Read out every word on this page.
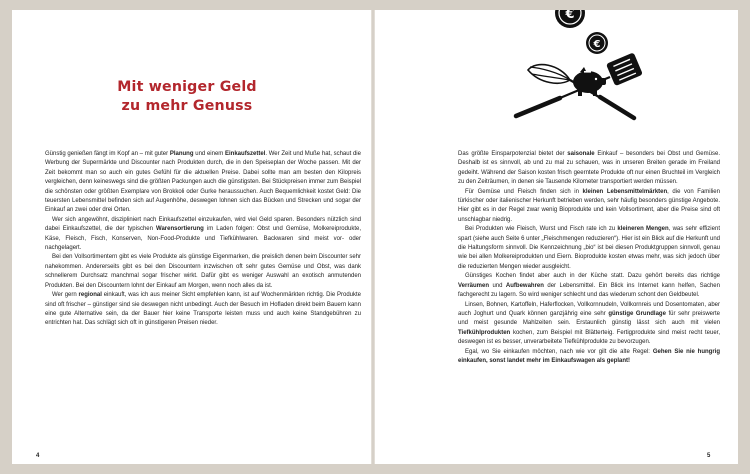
Mit weniger Geld
zu mehr Genuss

Günstig genießen fängt im Kopf an – mit guter Planung und einem Einkaufszettel. Wer Zeit und Muße hat, schaut die Werbung der Supermärkte und Discounter nach Produkten durch, die in den Speiseplan der Woche passen. Mit der Zeit bekommt man so auch ein gutes Gefühl für die aktuellen Preise. Dabei sollte man am besten den Kilopreis vergleichen, denn keineswegs sind die größten Packungen auch die günstigsten. Bei Stückpreisen immer zum Beispiel die schönsten oder größten Exemplare von Brokkoli oder Gurke heraussuchen. Auch Bequemlichkeit kostet Geld: Die teuersten Lebensmittel befinden sich auf Augenhöhe, deswegen lohnen sich das Bücken und Strecken und sogar der Einkauf an zwei oder drei Orten.

Wer sich angewöhnt, diszipliniert nach Einkaufszettel einzukaufen, wird viel Geld sparen. Besonders nützlich sind dabei Einkaufszettel, die der typischen Warensortierung im Laden folgen: Obst und Gemüse, Molkereiprodukte, Käse, Fleisch, Fisch, Konserven, Non-Food-Produkte und Tiefkühlwaren. Backwaren sind meist vor- oder nachgelagert.

Bei den Vollsortimentern gibt es viele Produkte als günstige Eigenmarken, die preislich denen beim Discounter sehr nahekommen. Andererseits gibt es bei den Discountern inzwischen oft sehr gutes Gemüse und Obst, was dank schnellerem Durchsatz manchmal sogar frischer wirkt. Dafür gibt es weniger Auswahl an exotisch anmutenden Produkten. Bei den Discountern lohnt der Einkauf am Morgen, wenn noch alles da ist.

Wer gern regional einkauft, was ich aus meiner Sicht empfehlen kann, ist auf Wochenmärkten richtig. Die Produkte sind oft frischer – günstiger sind sie deswegen nicht unbedingt. Auch der Besuch im Hofladen direkt beim Bauern kann eine gute Alternative sein, da der Bauer hier keine Transporte leisten muss und auch keine Standgebühren zu entrichten hat. Das schlägt sich oft in günstigeren Preisen nieder.

4
€
€

Das größte Einsparpotenzial bietet der saisonale Einkauf – besonders bei Obst und Gemüse. Deshalb ist es sinnvoll, ab und zu mal zu schauen, was in unseren Breiten gerade im Freiland gedeiht. Während der Saison kosten frisch geerntete Produkte oft nur einen Bruchteil im Vergleich zu den Zeiträumen, in denen sie Tausende Kilometer transportiert werden müssen.

Für Gemüse und Fleisch finden sich in kleinen Lebensmittelmärkten, die von Familien türkischer oder italienischer Herkunft betrieben werden, sehr häufig besonders günstige Angebote. Hier gibt es in der Regel zwar wenig Bioprodukte und kein Vollsortiment, aber die Preise sind oft unschlagbar niedrig.

Bei Produkten wie Fleisch, Wurst und Fisch rate ich zu kleineren Mengen, was sehr effizient spart (siehe auch Seite 6 unter „Fleischmengen reduzieren“). Hier ist ein Blick auf die Herkunft und die Haltungsform sinnvoll. Die Kennzeichnung „bio“ ist bei diesen Produktgruppen sinnvoll, genau wie bei allen Molkereiprodukten und Eiern. Bioprodukte kosten etwas mehr, was sich jedoch über die reduzierten Mengen wieder ausgleicht.

Günstiges Kochen findet aber auch in der Küche statt. Dazu gehört bereits das richtige Verräumen und Aufbewahren der Lebensmittel. Ein Blick ins Internet kann helfen, Sachen fachgerecht zu lagern. So wird weniger schlecht und das wiederum schont den Geldbeutel.

Linsen, Bohnen, Kartoffeln, Haferflocken, Vollkornnudeln, Vollkornreis und Dosentomaten, aber auch Joghurt und Quark können ganzjährig eine sehr günstige Grundlage für sehr preiswerte und meist gesunde Mahlzeiten sein. Erstaunlich günstig lässt sich auch mit vielen Tiefkühlprodukten kochen, zum Beispiel mit Blätterteig. Fertigprodukte sind meist recht teuer, deswegen ist es besser, unverarbeitete Tiefkühlprodukte zu bevorzugen.

Egal, wo Sie einkaufen möchten, nach wie vor gilt die alte Regel: Gehen Sie nie hungrig einkaufen, sonst landet mehr im Einkaufswagen als geplant!

5
